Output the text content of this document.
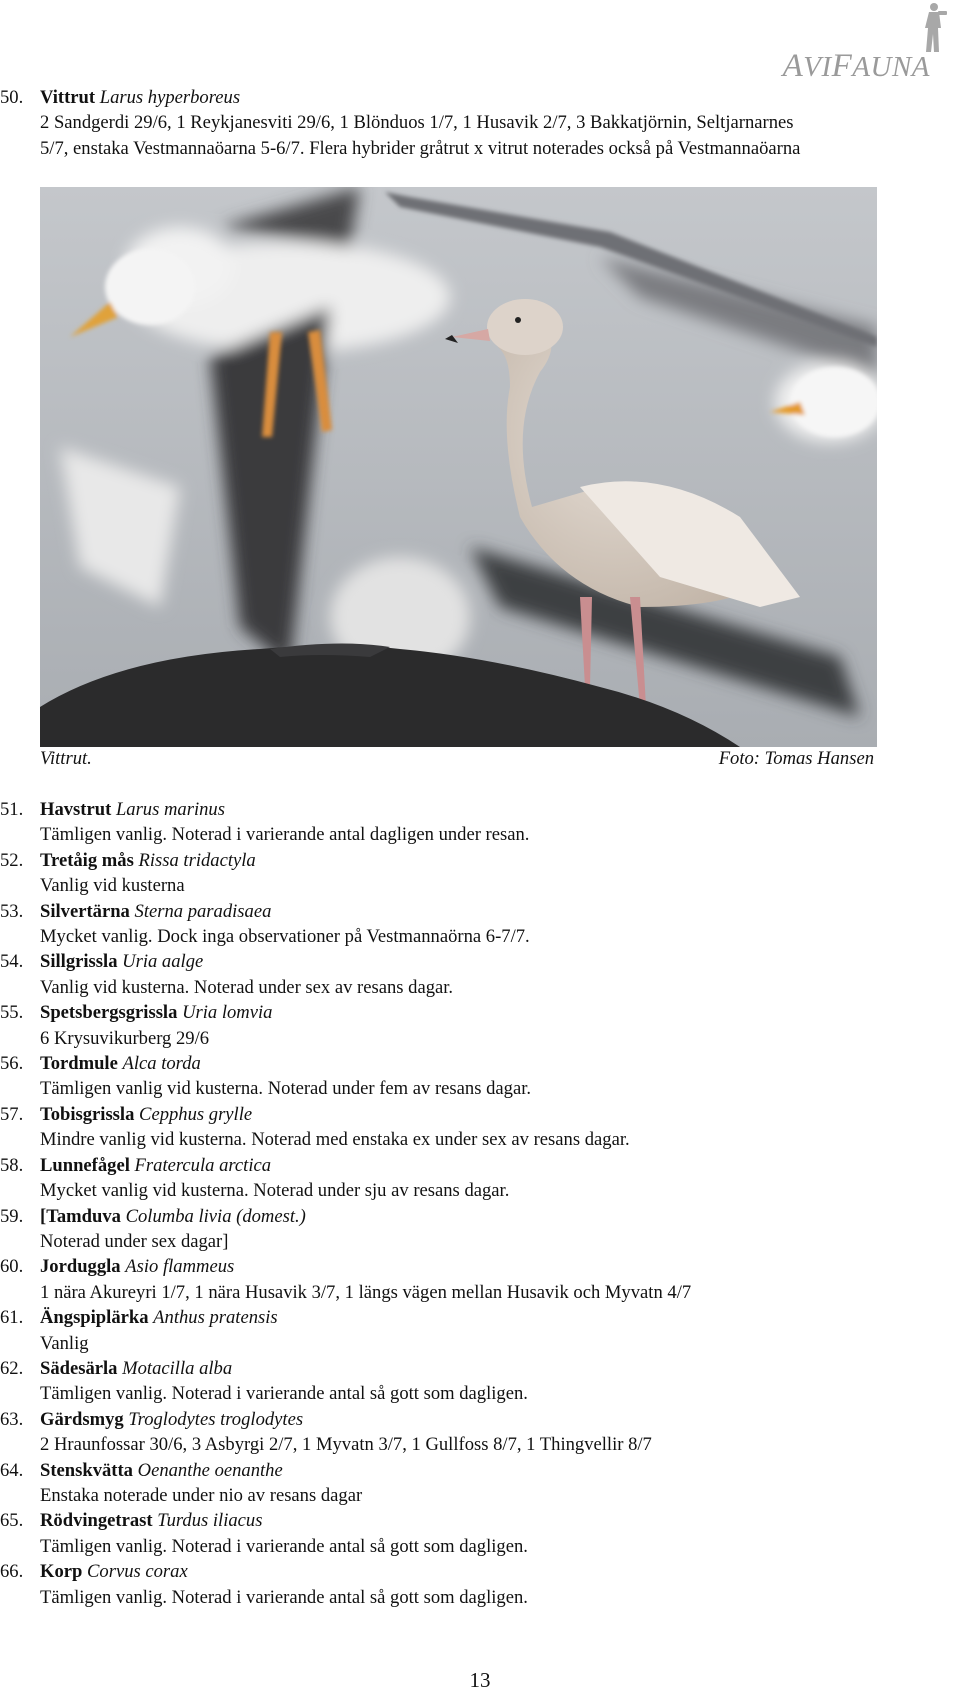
AVIFAUNA
50. Vittrut Larus hyperboreus
2 Sandgerdi 29/6, 1 Reykjanesviti 29/6, 1 Blönduos 1/7, 1 Husavik 2/7, 3 Bakkatjörnin, Seltjarnarnes
5/7, enstaka Vestmannaöarna 5-6/7. Flera hybrider gråtrut x vitrut noterades också på Vestmannaöarna
Vittrut.	Foto: Tomas Hansen
51. Havstrut Larus marinus
Tämligen vanlig. Noterad i varierande antal dagligen under resan.
52. Tretåig mås Rissa tridactyla
Vanlig vid kusterna
53. Silvertärna Sterna paradisaea
Mycket vanlig. Dock inga observationer på Vestmannaörna 6-7/7.
54. Sillgrissla Uria aalge
Vanlig vid kusterna. Noterad under sex av resans dagar.
55. Spetsbergsgrissla Uria lomvia
6 Krysuvikurberg 29/6
56. Tordmule Alca torda
Tämligen vanlig vid kusterna. Noterad under fem av resans dagar.
57. Tobisgrissla Cepphus grylle
Mindre vanlig vid kusterna. Noterad med enstaka ex under sex av resans dagar.
58. Lunnefågel Fratercula arctica
Mycket vanlig vid kusterna. Noterad under sju av resans dagar.
59. [Tamduva Columba livia (domest.)
Noterad under sex dagar]
60. Jorduggla Asio flammeus
1 nära Akureyri 1/7, 1 nära Husavik 3/7, 1 längs vägen mellan Husavik och Myvatn 4/7
61. Ängspiplärka Anthus pratensis
Vanlig
62. Sädesärla Motacilla alba
Tämligen vanlig. Noterad i varierande antal så gott som dagligen.
63. Gärdsmyg Troglodytes troglodytes
2 Hraunfossar 30/6, 3 Asbyrgi 2/7, 1 Myvatn 3/7, 1 Gullfoss 8/7, 1 Thingvellir 8/7
64. Stenskvätta Oenanthe oenanthe
Enstaka noterade under nio av resans dagar
65. Rödvingetrast Turdus iliacus
Tämligen vanlig. Noterad i varierande antal så gott som dagligen.
66. Korp Corvus corax
Tämligen vanlig. Noterad i varierande antal så gott som dagligen.
13
